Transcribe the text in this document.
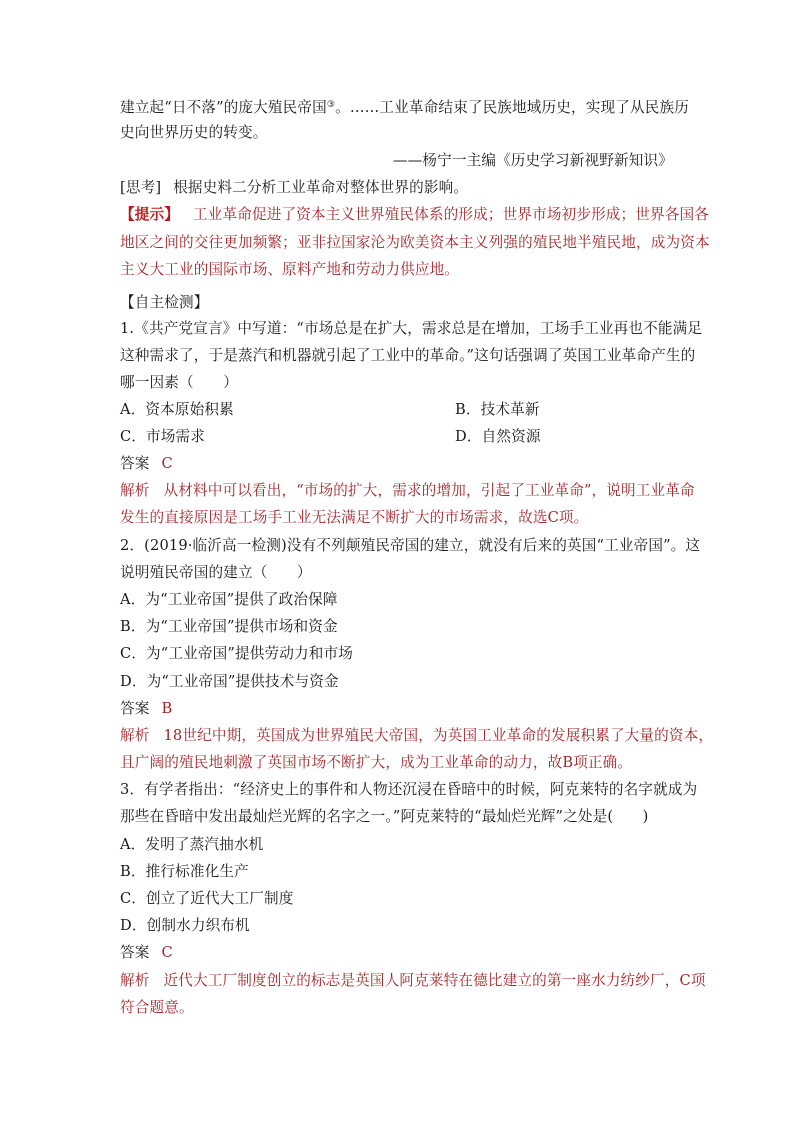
建立起“日不落”的庞大殖民帝国③。……工业革命结束了民族地域历史，实现了从民族历
史向世界历史的转变。
——杨宁一主编《历史学习新视野新知识》
[思考] 根据史料二分析工业革命对整体世界的影响。
【提示】 工业革命促进了资本主义世界殖民体系的形成；世界市场初步形成；世界各国各
地区之间的交往更加频繁；亚非拉国家沦为欧美资本主义列强的殖民地半殖民地，成为资本
主义大工业的国际市场、原料产地和劳动力供应地。
【自主检测】
1.《共产党宣言》中写道：“市场总是在扩大，需求总是在增加，工场手工业再也不能满足
这种需求了，于是蒸汽和机器就引起了工业中的革命。”这句话强调了英国工业革命产生的
哪一因素（　　）
A．资本原始积累	B．技术革新
C．市场需求	D．自然资源
答案 C
解析 从材料中可以看出，“市场的扩大，需求的增加，引起了工业革命”，说明工业革命
发生的直接原因是工场手工业无法满足不断扩大的市场需求，故选C项。
2．(2019·临沂高一检测)没有不列颠殖民帝国的建立，就没有后来的英国“工业帝国”。这
说明殖民帝国的建立（　　）
A．为“工业帝国”提供了政治保障
B．为“工业帝国”提供市场和资金
C．为“工业帝国”提供劳动力和市场
D．为“工业帝国”提供技术与资金
答案 B
解析 18世纪中期，英国成为世界殖民大帝国，为英国工业革命的发展积累了大量的资本，
且广阔的殖民地刺激了英国市场不断扩大，成为工业革命的动力，故B项正确。
3．有学者指出：“经济史上的事件和人物还沉浸在昏暗中的时候，阿克莱特的名字就成为
那些在昏暗中发出最灿烂光辉的名字之一。”阿克莱特的“最灿烂光辉”之处是(　　)
A．发明了蒸汽抽水机
B．推行标准化生产
C．创立了近代大工厂制度
D．创制水力织布机
答案 C
解析 近代大工厂制度创立的标志是英国人阿克莱特在德比建立的第一座水力纺纱厂，C项
符合题意。
